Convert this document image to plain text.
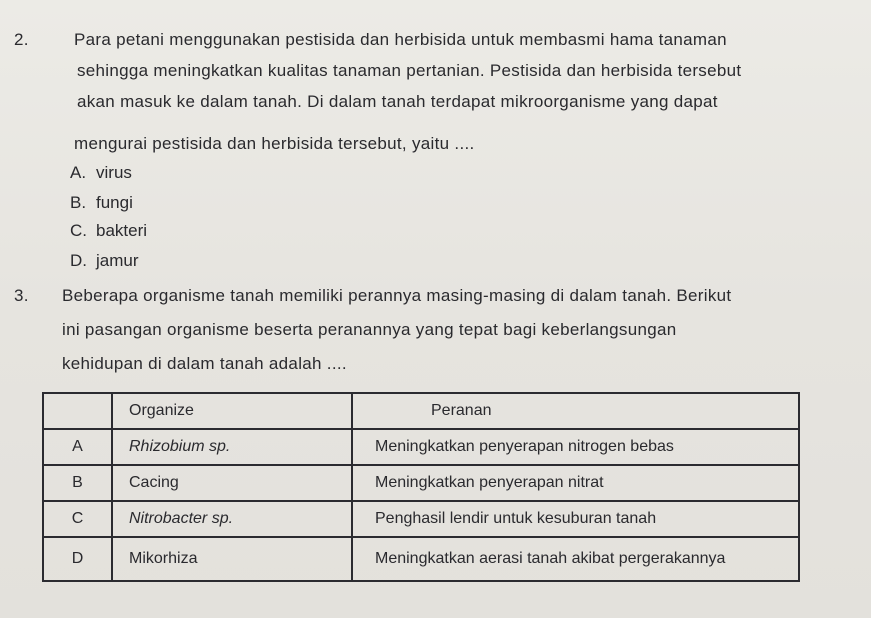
2.	Para petani menggunakan pestisida dan herbisida untuk membasmi hama tanaman
sehingga meningkatkan kualitas tanaman pertanian. Pestisida dan herbisida tersebut
akan masuk ke dalam tanah. Di dalam tanah terdapat mikroorganisme yang dapat
mengurai pestisida dan herbisida tersebut, yaitu ....
A. virus
B. fungi
C. bakteri
D. jamur
3. Beberapa organisme tanah memiliki perannya masing-masing di dalam tanah. Berikut
ini pasangan organisme beserta peranannya yang tepat bagi keberlangsungan
kehidupan di dalam tanah adalah ....
	Organize	Peranan
A	Rhizobium sp.	Meningkatkan penyerapan nitrogen bebas
B	Cacing	Meningkatkan penyerapan nitrat
C	Nitrobacter sp.	Penghasil lendir untuk kesuburan tanah
D	Mikorhiza	Meningkatkan aerasi tanah akibat pergerakannya
